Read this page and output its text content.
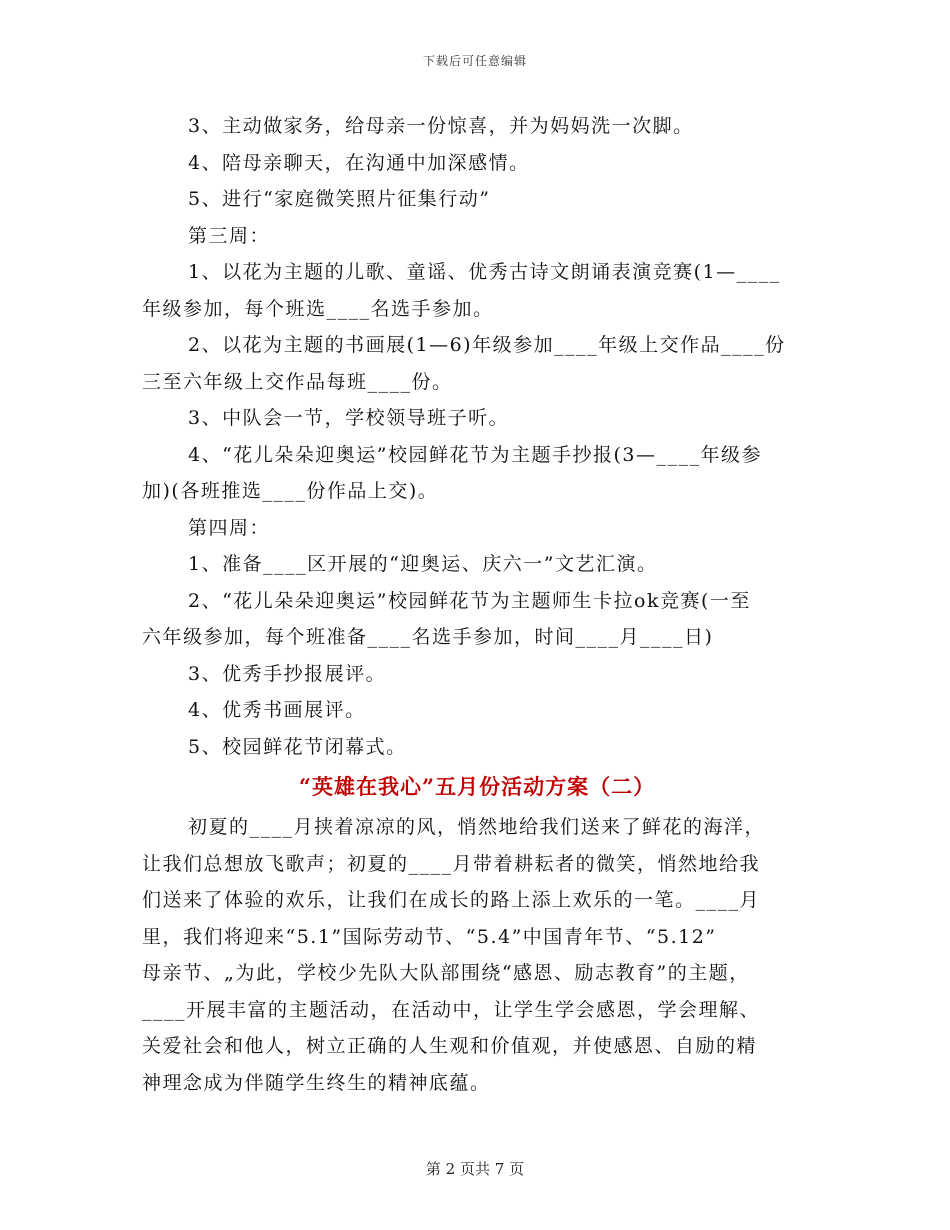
下载后可任意编辑
3、主动做家务，给母亲一份惊喜，并为妈妈洗一次脚。
4、陪母亲聊天，在沟通中加深感情。
5、进行“家庭微笑照片征集行动”
第三周：
1、以花为主题的儿歌、童谣、优秀古诗文朗诵表演竞赛(1—____
年级参加，每个班选____名选手参加。
2、以花为主题的书画展(1—6)年级参加____年级上交作品____份
三至六年级上交作品每班____份。
3、中队会一节，学校领导班子听。
4、“花儿朵朵迎奥运”校园鲜花节为主题手抄报(3—____年级参
加)(各班推选____份作品上交)。
第四周：
1、准备____区开展的“迎奥运、庆六一”文艺汇演。
2、“花儿朵朵迎奥运”校园鲜花节为主题师生卡拉ok竞赛(一至
六年级参加，每个班准备____名选手参加，时间____月____日)
3、优秀手抄报展评。
4、优秀书画展评。
5、校园鲜花节闭幕式。
“英雄在我心”五月份活动方案（二）
初夏的____月挟着凉凉的风，悄然地给我们送来了鲜花的海洋，
让我们总想放飞歌声；初夏的____月带着耕耘者的微笑，悄然地给我
们送来了体验的欢乐，让我们在成长的路上添上欢乐的一笔。____月
里，我们将迎来“5.1”国际劳动节、“5.4”中国青年节、“5.12”
母亲节、„为此，学校少先队大队部围绕“感恩、励志教育”的主题，
____开展丰富的主题活动，在活动中，让学生学会感恩，学会理解、
关爱社会和他人，树立正确的人生观和价值观，并使感恩、自励的精
神理念成为伴随学生终生的精神底蕴。
第 2 页共 7 页
